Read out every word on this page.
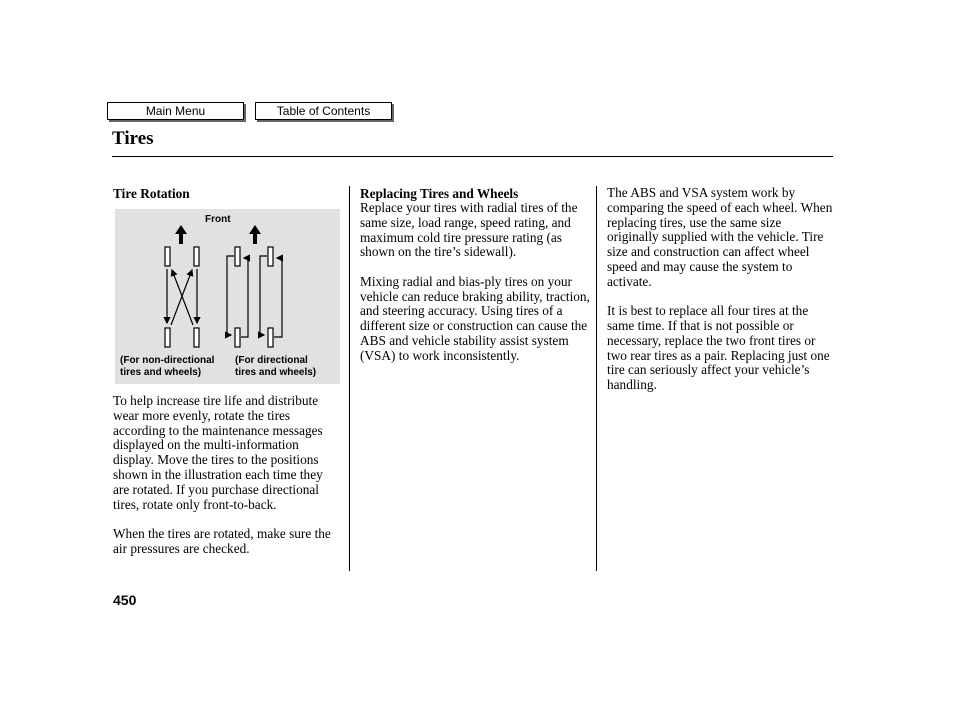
Main Menu	Table of Contents
Tires
Tire Rotation
Front
(For non-directional
tires and wheels)
(For directional
tires and wheels)

To help increase tire life and distribute wear more evenly, rotate the tires according to the maintenance messages displayed on the multi-information display. Move the tires to the positions shown in the illustration each time they are rotated. If you purchase directional tires, rotate only front-to-back.

When the tires are rotated, make sure the air pressures are checked.

Replacing Tires and Wheels

Replace your tires with radial tires of the same size, load range, speed rating, and maximum cold tire pressure rating (as shown on the tire’s sidewall).

Mixing radial and bias-ply tires on your vehicle can reduce braking ability, traction, and steering accuracy. Using tires of a different size or construction can cause the ABS and vehicle stability assist system (VSA) to work inconsistently.

The ABS and VSA system work by comparing the speed of each wheel. When replacing tires, use the same size originally supplied with the vehicle. Tire size and construction can affect wheel speed and may cause the system to activate.

It is best to replace all four tires at the same time. If that is not possible or necessary, replace the two front tires or two rear tires as a pair. Replacing just one tire can seriously affect your vehicle’s handling.

450
